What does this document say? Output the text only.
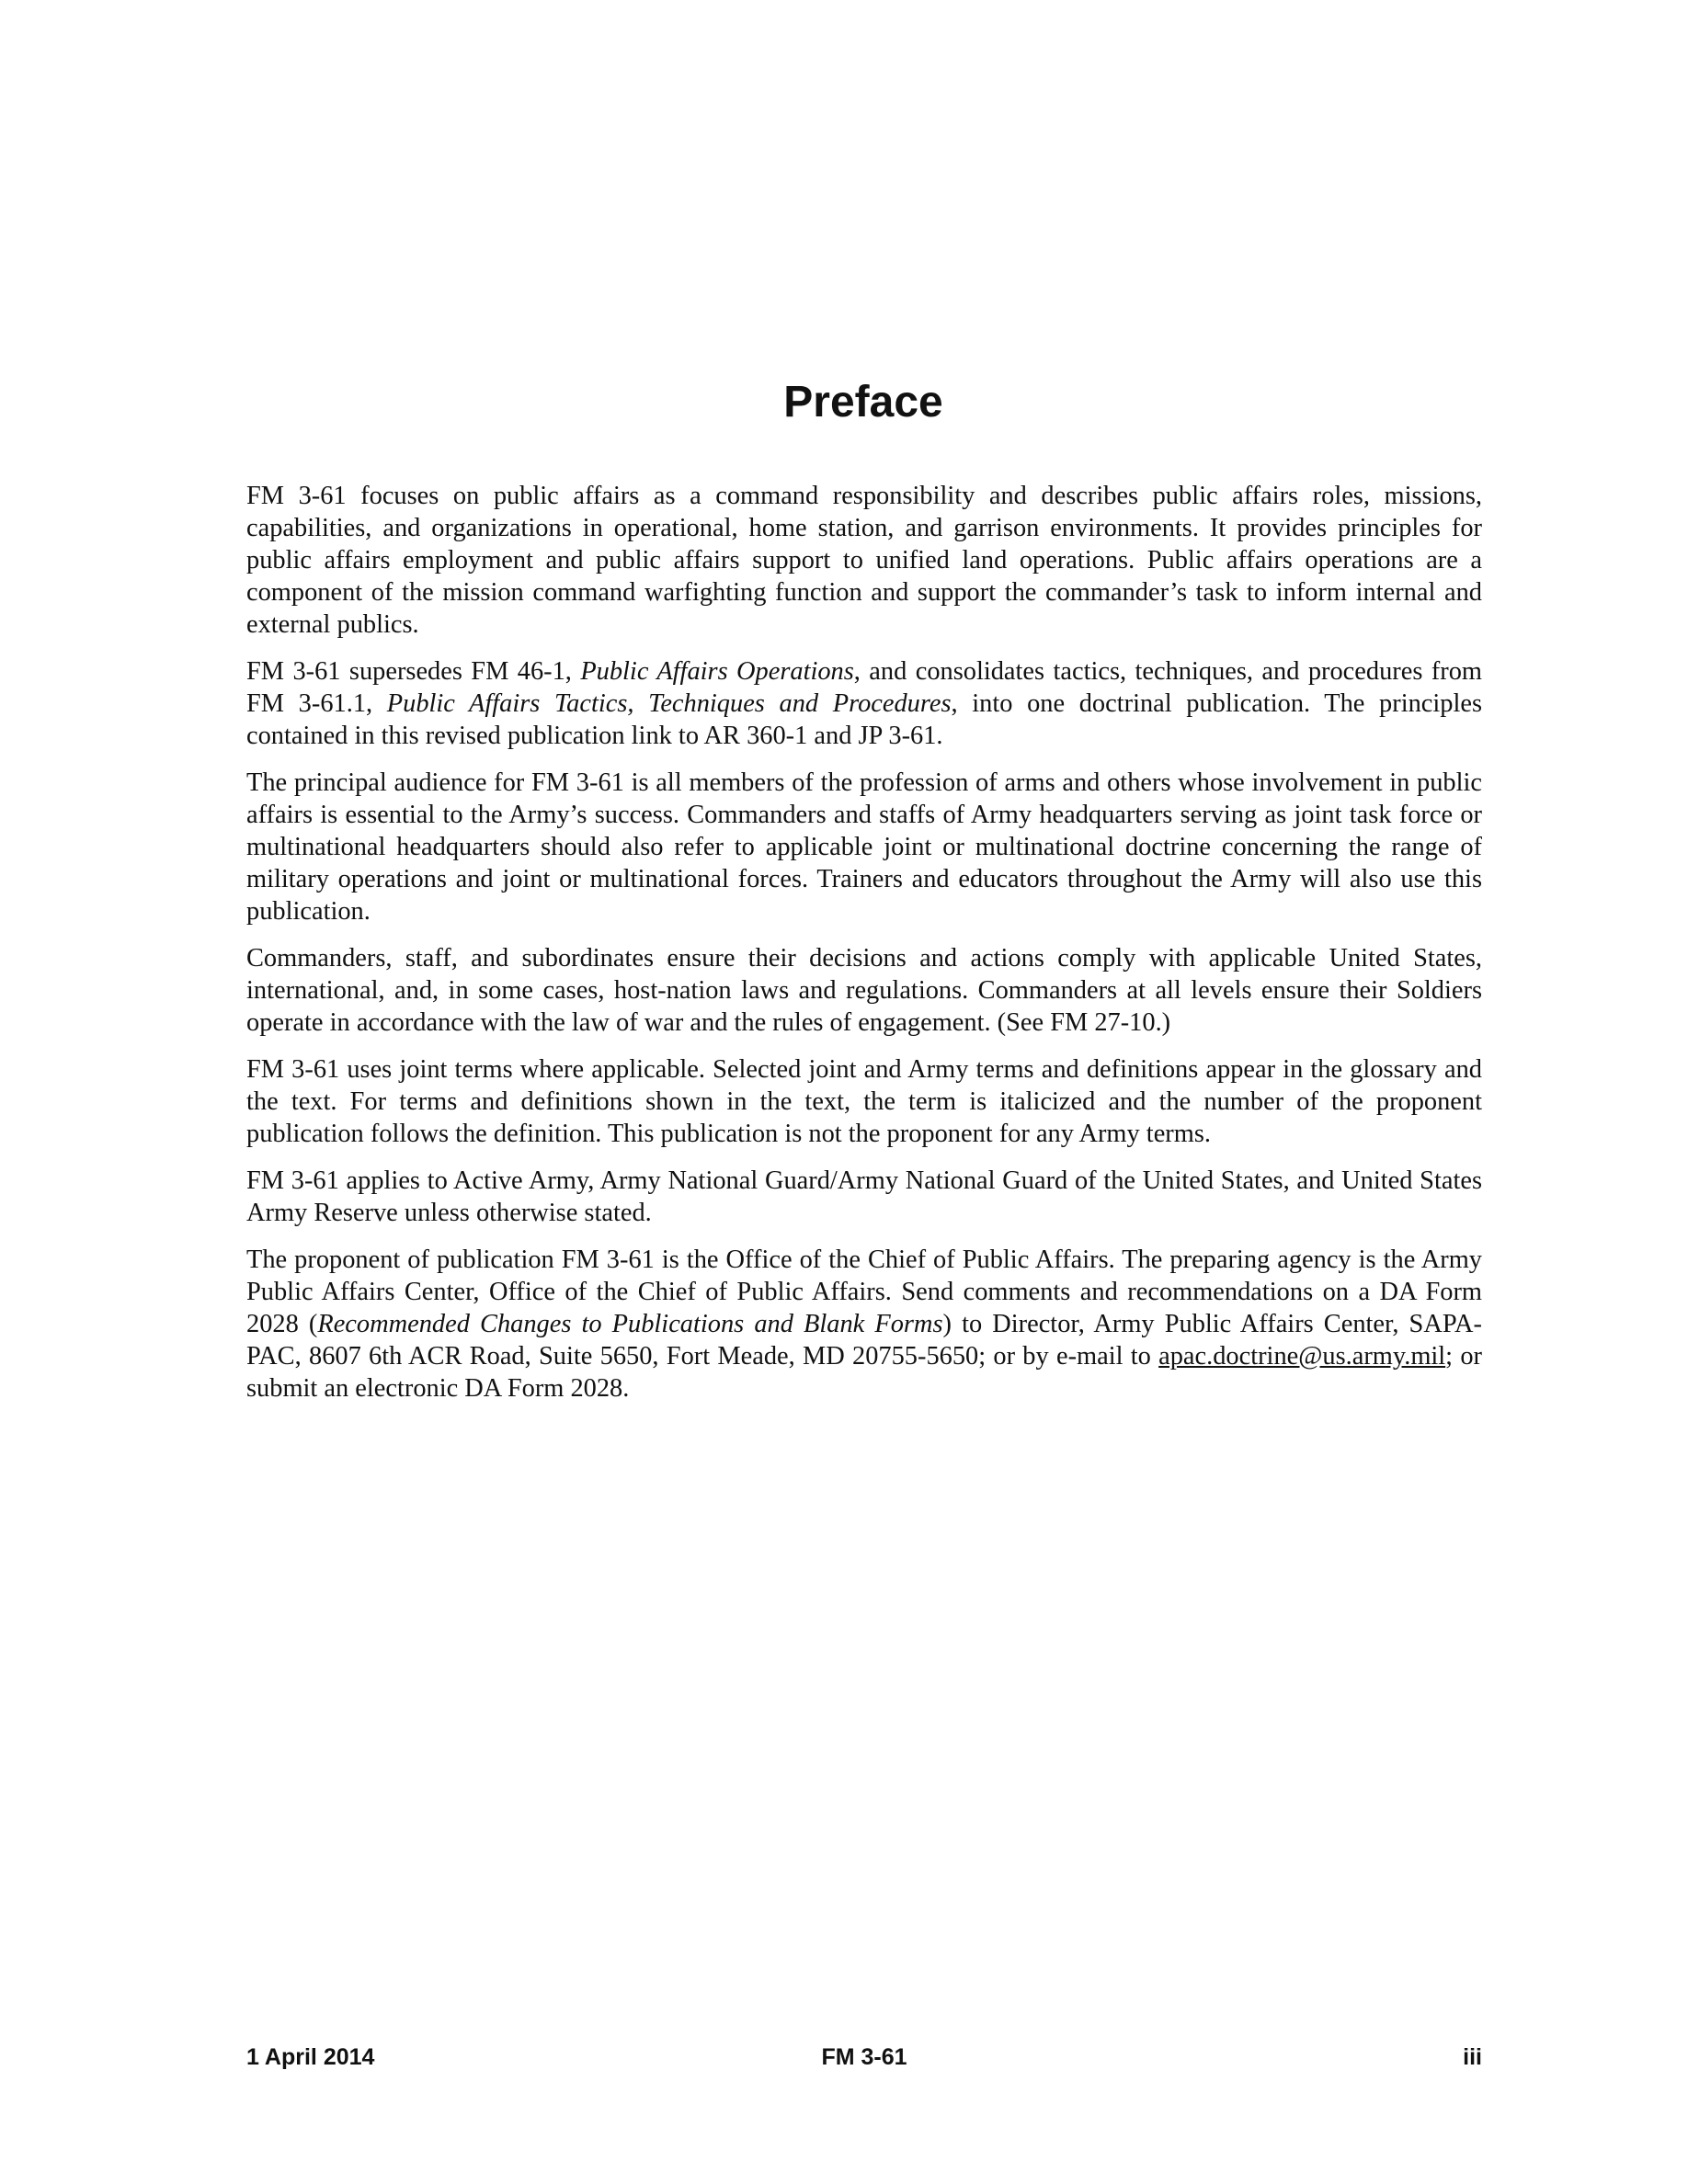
Preface

FM 3-61 focuses on public affairs as a command responsibility and describes public affairs roles, missions, capabilities, and organizations in operational, home station, and garrison environments. It provides principles for public affairs employment and public affairs support to unified land operations. Public affairs operations are a component of the mission command warfighting function and support the commander’s task to inform internal and external publics.

FM 3-61 supersedes FM 46-1, Public Affairs Operations, and consolidates tactics, techniques, and procedures from FM 3-61.1, Public Affairs Tactics, Techniques and Procedures, into one doctrinal publication. The principles contained in this revised publication link to AR 360-1 and JP 3-61.

The principal audience for FM 3-61 is all members of the profession of arms and others whose involvement in public affairs is essential to the Army’s success. Commanders and staffs of Army headquarters serving as joint task force or multinational headquarters should also refer to applicable joint or multinational doctrine concerning the range of military operations and joint or multinational forces. Trainers and educators throughout the Army will also use this publication.

Commanders, staff, and subordinates ensure their decisions and actions comply with applicable United States, international, and, in some cases, host-nation laws and regulations. Commanders at all levels ensure their Soldiers operate in accordance with the law of war and the rules of engagement. (See FM 27-10.)

FM 3-61 uses joint terms where applicable. Selected joint and Army terms and definitions appear in the glossary and the text. For terms and definitions shown in the text, the term is italicized and the number of the proponent publication follows the definition. This publication is not the proponent for any Army terms.

FM 3-61 applies to Active Army, Army National Guard/Army National Guard of the United States, and United States Army Reserve unless otherwise stated.

The proponent of publication FM 3-61 is the Office of the Chief of Public Affairs. The preparing agency is the Army Public Affairs Center, Office of the Chief of Public Affairs. Send comments and recommendations on a DA Form 2028 (Recommended Changes to Publications and Blank Forms) to Director, Army Public Affairs Center, SAPA-PAC, 8607 6th ACR Road, Suite 5650, Fort Meade, MD 20755-5650; or by e-mail to apac.doctrine@us.army.mil; or submit an electronic DA Form 2028.

1 April 2014	FM 3-61	iii
